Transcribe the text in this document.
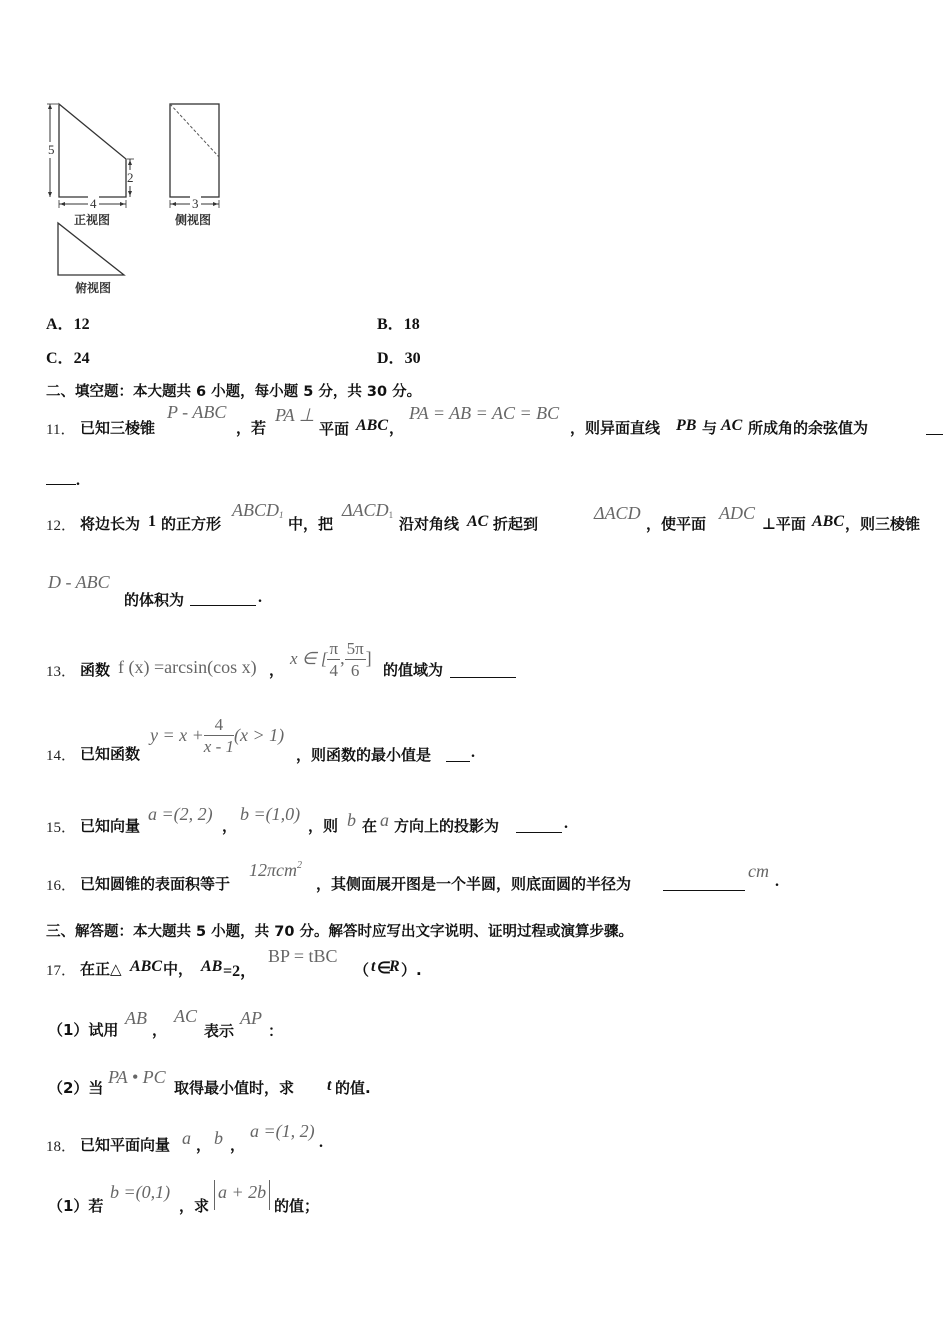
5
2
4	3
正视图	侧视图
俯视图
A．12	B．18
C．24	D．30
二、填空题：本大题共 6 小题，每小题 5 分，共 30 分。
11． 已知三棱锥
P - ABC
，若
PA ⊥
平面 ABC ，
PA = AB = AC = BC
，则异面直线 PB 与 AC 所成角的余弦值为
.
12． 将边长为 1 的正方形
$ABCD_1$ 中，把
$\Delta ACD_1$ 沿对角线 AC 折起到
ΔACD
，使平面
ADC
⊥平面 ABC ，则三棱锥
D - ABC
的体积为	.
13． 函数 f (x) =arcsin(cos x) ，
x ∈ [ $\frac{\pi}{4}$ , $\frac{5\pi}{6}$ ]
的值域为
14． 已知函数
$y = x + \frac{4}{x - 1} (x > 1)$
，则函数的最小值是 .
15． 已知向量
a =(2, 2)
，
b =(1,0)
，则 b 在 a 方向上的投影为	.
16． 已知圆锥的表面积等于
12πcm$^2$
，其侧面展开图是一个半圆，则底面圆的半径为
cm
.
三、解答题：本大题共 5 小题，共 70 分。解答时应写出文字说明、证明过程或演算步骤。
17． 在正△ ABC 中， AB =2，
BP = tBC
（ t ∈
R ）.
（1）试用
AB
，
AC
表示
AP
：
（2）当
PA • PC
取得最小值时，求 t 的值.
18． 已知平面向量 a ， b ，
a =(1, 2)
.
（1）若
b =(0,1)
，求
a + 2b
的值；
